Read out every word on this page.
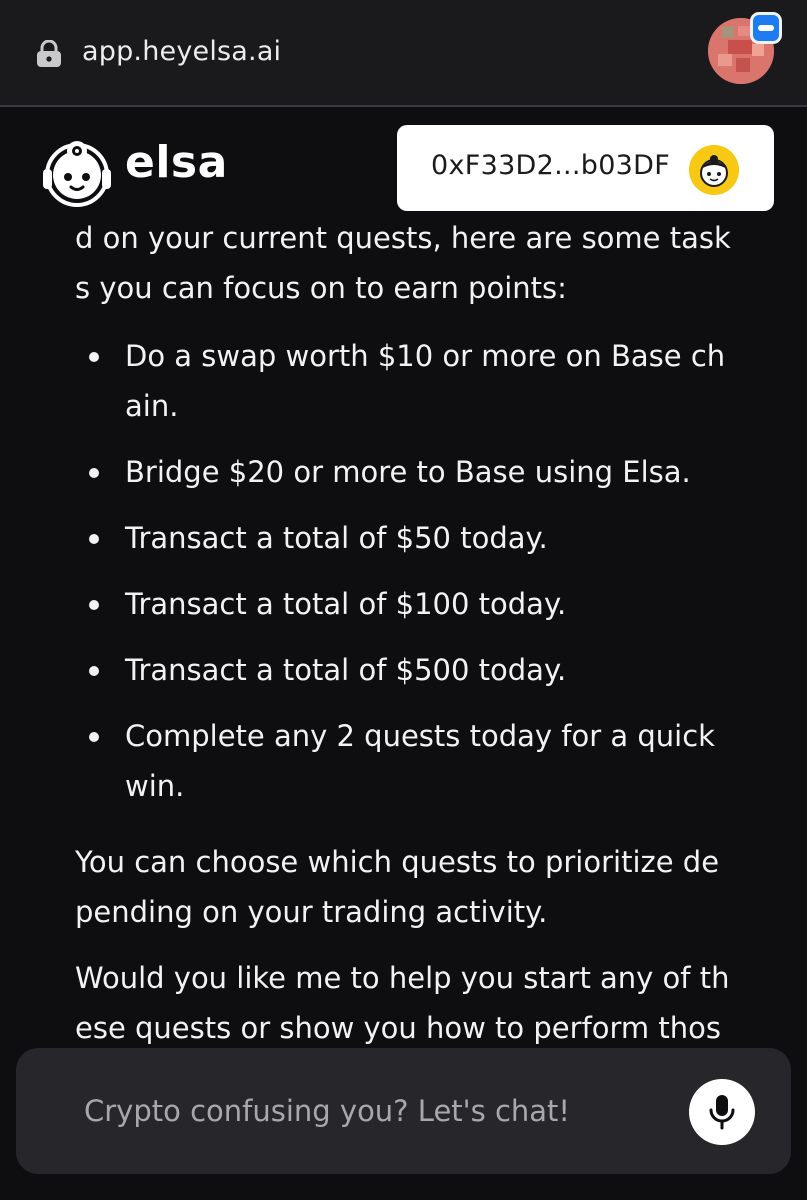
app.heyelsa.ai
elsa	0xF33D2...b03DF
d on your current quests, here are some task
s you can focus on to earn points:
Do a swap worth $10 or more on Base ch ain.
Bridge $20 or more to Base using Elsa.
Transact a total of $50 today.
Transact a total of $100 today.
Transact a total of $500 today.
Complete any 2 quests today for a quick win.
You can choose which quests to prioritize de pending on your trading activity.
Would you like me to help you start any of th ese quests or show you how to perform thos
Crypto confusing you? Let's chat!
